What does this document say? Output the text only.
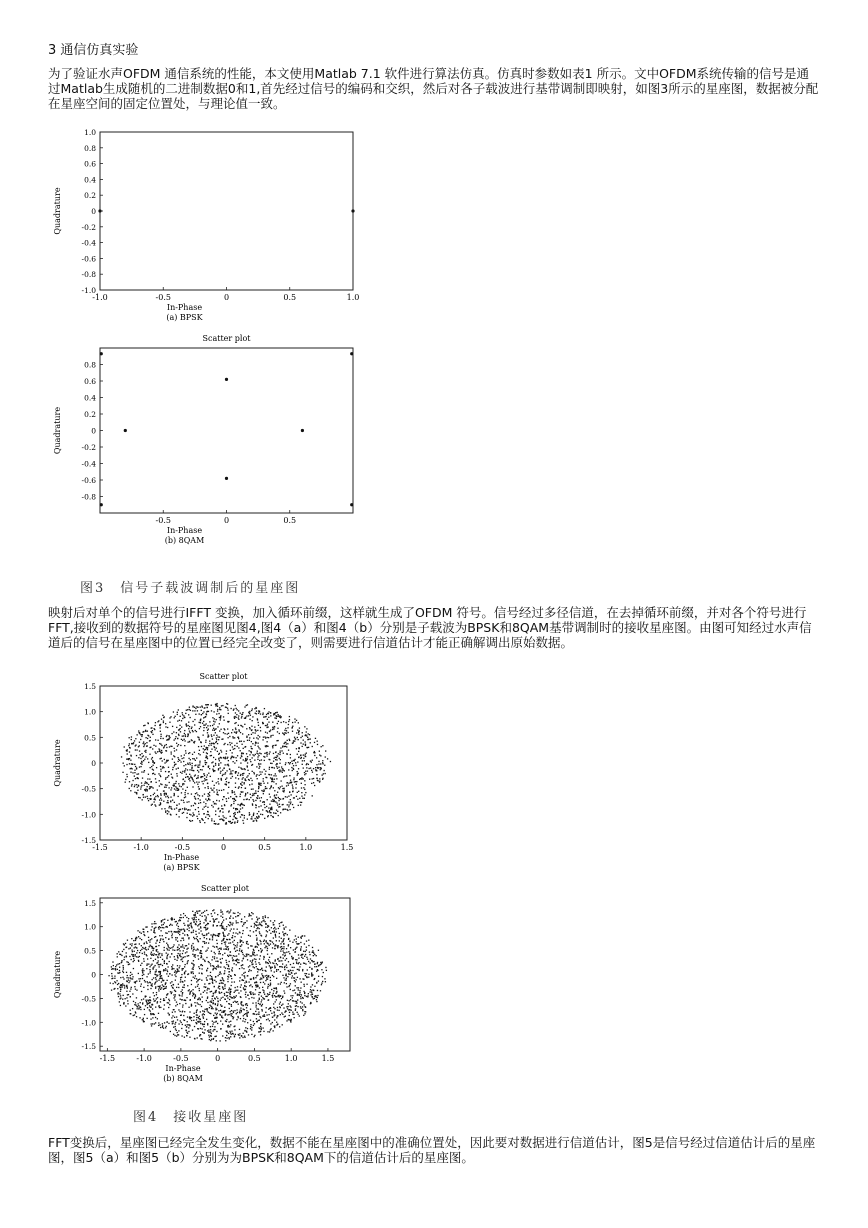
3 通信仿真实验

为了验证水声OFDM 通信系统的性能，本文使用Matlab 7.1 软件进行算法仿真。仿真时参数如表1 所示。文中OFDM系统传输的信号是通过Matlab生成随机的二进制数据0和1,首先经过信号的编码和交织，然后对各子载波进行基带调制即映射，如图3所示的星座图，数据被分配在星座空间的固定位置处，与理论值一致。

-1.0	-0.5	0	0.5	1.0
1.0
0.8
0.6
0.4
0.2
0
-0.2
-0.4
-0.6
-0.8
-1.0
In-Phase
(a) BPSK
Quadrature
Scatter plot
-0.5	0	0.5
0.8
0.6
0.4
0.2
0
-0.2
-0.4
-0.6
-0.8
In-Phase
(b) 8QAM
Quadrature
图3　信号子载波调制后的星座图

映射后对单个的信号进行IFFT 变换，加入循环前缀，这样就生成了OFDM 符号。信号经过多径信道，在去掉循环前缀，并对各个符号进行FFT,接收到的数据符号的星座图见图4,图4（a）和图4（b）分别是子载波为BPSK和8QAM基带调制时的接收星座图。由图可知经过水声信道后的信号在星座图中的位置已经完全改变了，则需要进行信道估计才能正确解调出原始数据。

Scatter plot
-1.5	-1.0	-0.5	0	0.5	1.0	1.5
1.5
1.0
0.5
0
-0.5
-1.0
-1.5
In-Phase
(a) BPSK
Quadrature
Scatter plot
-1.5	-1.0	-0.5	0	0.5	1.0	1.5
1.5
1.0
0.5
0
-0.5
-1.0
-1.5
In-Phase
(b) 8QAM
Quadrature
图4　接收星座图

FFT变换后，星座图已经完全发生变化，数据不能在星座图中的准确位置处，因此要对数据进行信道估计，图5是信号经过信道估计后的星座图，图5（a）和图5（b）分别为为BPSK和8QAM下的信道估计后的星座图。
